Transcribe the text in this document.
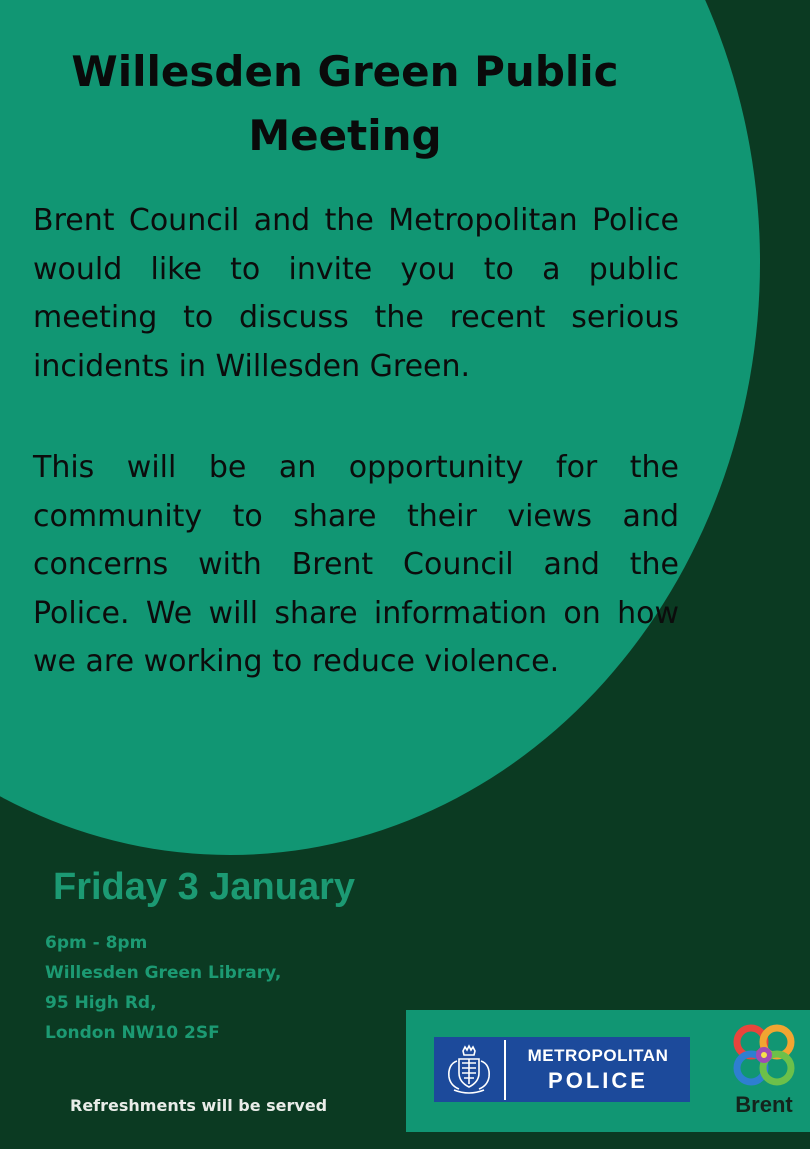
Willesden Green Public Meeting

Brent Council and the Metropolitan Police would like to invite you to a public meeting to discuss the recent serious incidents in Willesden Green.

This will be an opportunity for the community to share their views and concerns with Brent Council and the Police. We will share information on how we are working to reduce violence.

Friday 3 January
6pm - 8pm
Willesden Green Library,
95 High Rd,
London NW10 2SF
Refreshments will be served
METROPOLITAN
POLICE
Brent
